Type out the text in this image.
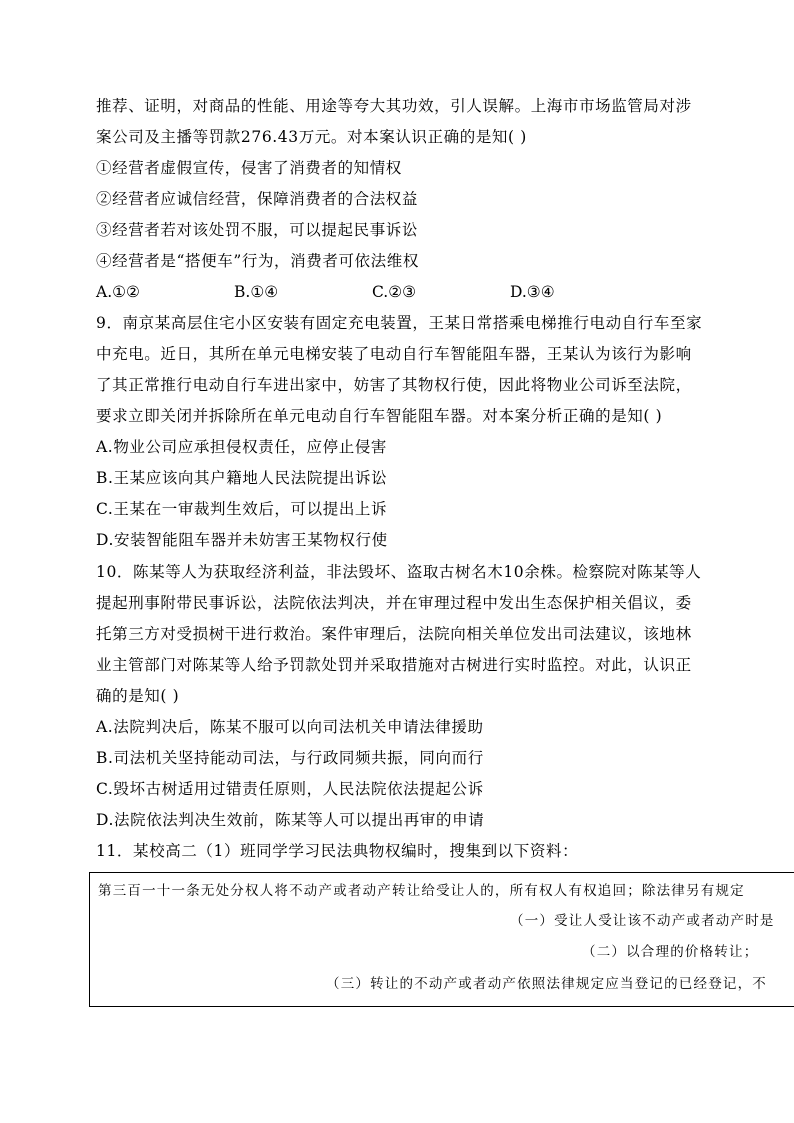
推荐、证明，对商品的性能、用途等夸大其功效，引人误解。上海市市场监管局对涉
案公司及主播等罚款276.43万元。对本案认识正确的是知( )
①经营者虚假宣传，侵害了消费者的知情权
②经营者应诚信经营，保障消费者的合法权益
③经营者若对该处罚不服，可以提起民事诉讼
④经营者是“搭便车”行为，消费者可依法维权
A.①②	B.①④	C.②③	D.③④
9．南京某高层住宅小区安装有固定充电装置，王某日常搭乘电梯推行电动自行车至家
中充电。近日，其所在单元电梯安装了电动自行车智能阻车器，王某认为该行为影响
了其正常推行电动自行车进出家中，妨害了其物权行使，因此将物业公司诉至法院，
要求立即关闭并拆除所在单元电动自行车智能阻车器。对本案分析正确的是知( )
A.物业公司应承担侵权责任，应停止侵害
B.王某应该向其户籍地人民法院提出诉讼
C.王某在一审裁判生效后，可以提出上诉
D.安装智能阻车器并未妨害王某物权行使
10．陈某等人为获取经济利益，非法毁坏、盗取古树名木10余株。检察院对陈某等人
提起刑事附带民事诉讼，法院依法判决，并在审理过程中发出生态保护相关倡议，委
托第三方对受损树干进行救治。案件审理后，法院向相关单位发出司法建议，该地林
业主管部门对陈某等人给予罚款处罚并采取措施对古树进行实时监控。对此，认识正
确的是知( )
A.法院判决后，陈某不服可以向司法机关申请法律援助
B.司法机关坚持能动司法，与行政同频共振，同向而行
C.毁坏古树适用过错责任原则，人民法院依法提起公诉
D.法院依法判决生效前，陈某等人可以提出再审的申请
11．某校高二（1）班同学学习民法典物权编时，搜集到以下资料：
第三百一十一条无处分权人将不动产或者动产转让给受让人的，所有权人有权追回；除法律另有规定
（一）受让人受让该不动产或者动产时是
（二）以合理的价格转让；
（三）转让的不动产或者动产依照法律规定应当登记的已经登记，不
